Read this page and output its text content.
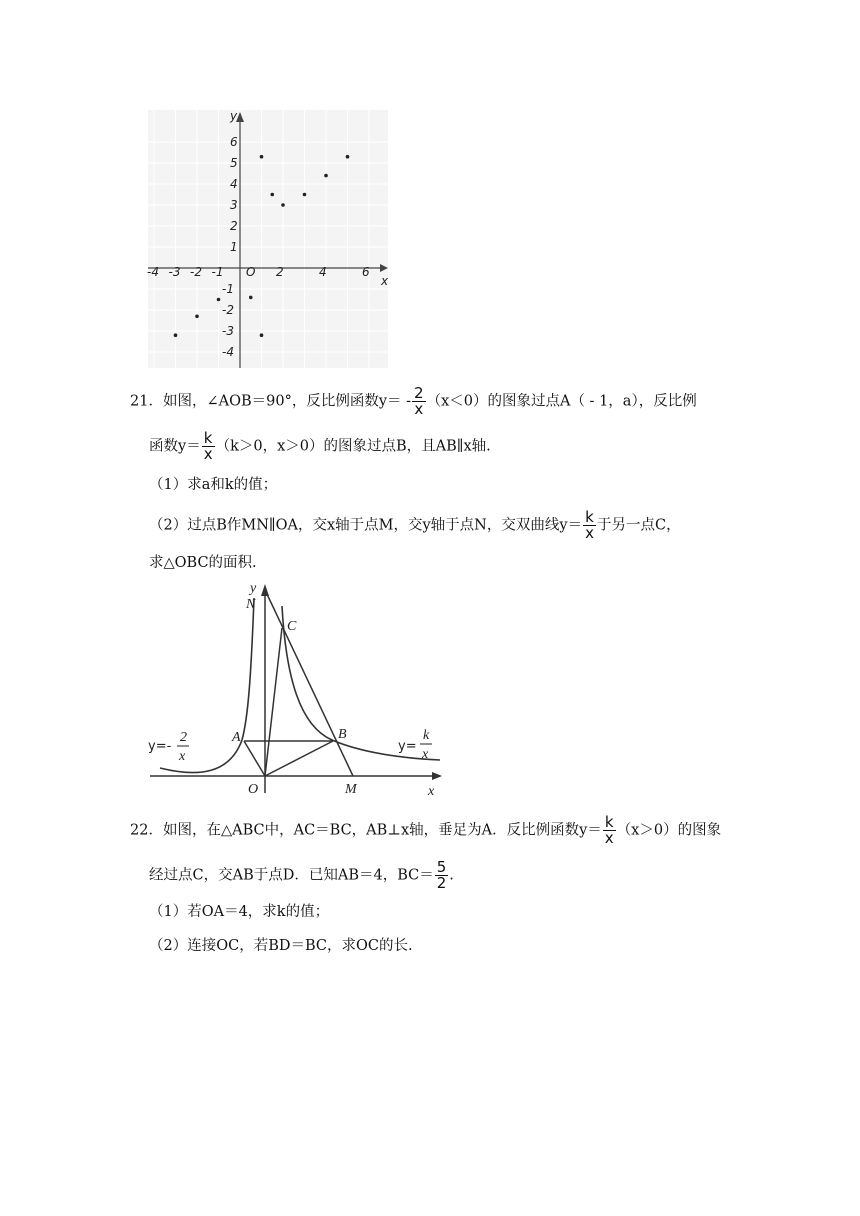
y
x
-4 -3 -2 -1 O 2	4	6
6
5
4
3
2
1
-1
-2
-3
-4
21．如图，∠AOB＝90°，反比例函数$y= - \frac{2}{x} (x<0)$的图象过点A（ - 1，a），反比例
函数$y= \frac{k}{x} (k>0$，x＞0）的图象过点B，且AB∥x轴.
（1）求a和k的值；
（2）过点B作MN∥OA，交x轴于点M，交y轴于点N，交双曲线$y= \frac{k}{x}$ 于另一点C，
求△OBC的面积.
y
N
C
A	B
O	M	x
y=-
2
x
y=
k
x
22．如图，在△ABC中，AC＝BC，AB⊥x轴，垂足为A．反比例函数$y= \frac{k}{x} (x>0)$的图象
经过点C，交AB于点D．已知AB＝4，$BC= \frac{5}{2}$ .
（1）若OA＝4，求k的值；
（2）连接OC，若BD＝BC，求OC的长.
